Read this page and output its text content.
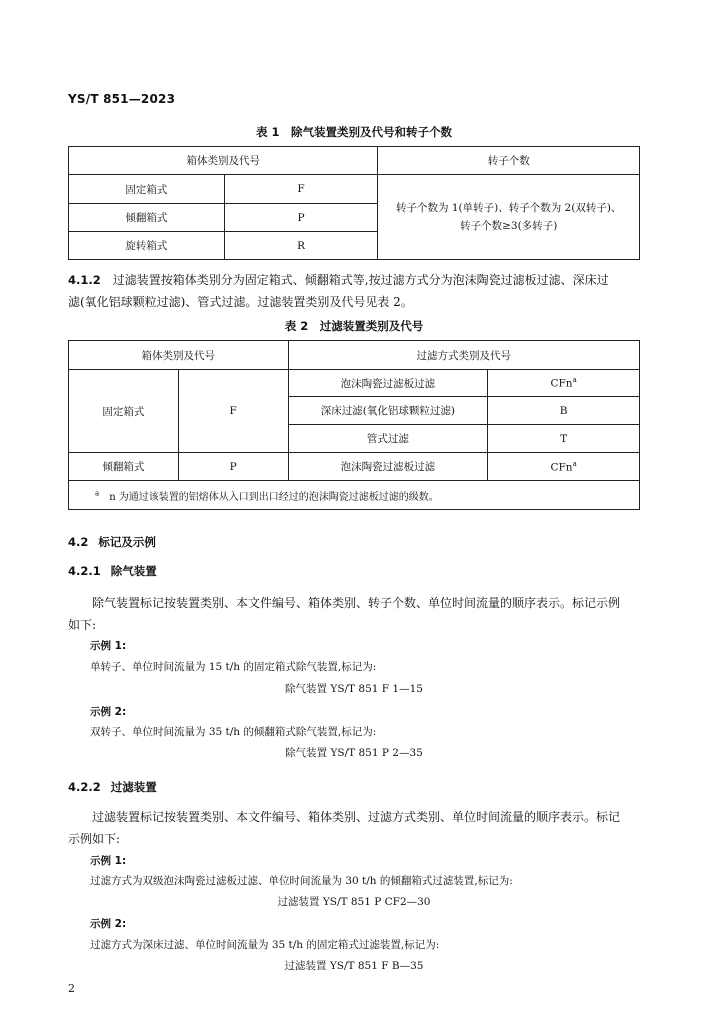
YS/T 851—2023
表 1　除气装置类别及代号和转子个数
箱体类别及代号		转子个数
固定箱式	F	转子个数为 1(单转子)、转子个数为 2(双转子)、
转子个数≥3(多转子)

倾翻箱式	P	
旋转箱式	R	
4.1.2　 过滤装置按箱体类别分为固定箱式、倾翻箱式等,按过滤方式分为泡沫陶瓷过滤板过滤、深床过
滤(氧化铝球颗粒过滤)、管式过滤。过滤装置类别及代号见表 2。
表 2　过滤装置类别及代号
箱体类别及代号		过滤方式类别及代号	
固定箱式	F	泡沫陶瓷过滤板过滤	CFn$^a$
		深床过滤(氧化铝球颗粒过滤)	B
		管式过滤	T
倾翻箱式	P	泡沫陶瓷过滤板过滤	CFn$^a$
$^a$　 n 为通过该装置的铝熔体从入口到出口经过的泡沫陶瓷过滤板过滤的级数。			
4.2 标记及示例
4.2.1 除气装置
除气装置标记按装置类别、本文件编号、箱体类别、转子个数、单位时间流量的顺序表示。标记示例
如下:
示例 1:
单转子、单位时间流量为 15 t/h 的固定箱式除气装置,标记为:
除气装置 YS/T 851 F 1—15
示例 2:
双转子、单位时间流量为 35 t/h 的倾翻箱式除气装置,标记为:
除气装置 YS/T 851 P 2—35
4.2.2 过滤装置
过滤装置标记按装置类别、本文件编号、箱体类别、过滤方式类别、单位时间流量的顺序表示。标记
示例如下:
示例 1:
过滤方式为双级泡沫陶瓷过滤板过滤、单位时间流量为 30 t/h 的倾翻箱式过滤装置,标记为:
过滤装置 YS/T 851 P CF2—30
示例 2:
过滤方式为深床过滤、单位时间流量为 35 t/h 的固定箱式过滤装置,标记为:
过滤装置 YS/T 851 F B—35
2
